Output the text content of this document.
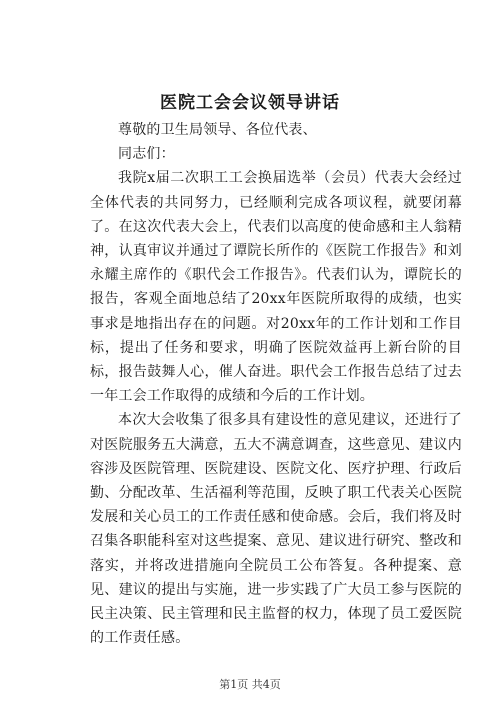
医院工会会议领导讲话

尊敬的卫生局领导、各位代表、

同志们：

我院x届二次职工工会换届选举（会员）代表大会经过全体代表的共同努力，已经顺利完成各项议程，就要闭幕了。在这次代表大会上，代表们以高度的使命感和主人翁精神，认真审议并通过了谭院长所作的《医院工作报告》和刘永耀主席作的《职代会工作报告》。代表们认为，谭院长的报告，客观全面地总结了20xx年医院所取得的成绩，也实事求是地指出存在的问题。对20xx年的工作计划和工作目标，提出了任务和要求，明确了医院效益再上新台阶的目标，报告鼓舞人心，催人奋进。职代会工作报告总结了过去一年工会工作取得的成绩和今后的工作计划。

本次大会收集了很多具有建设性的意见建议，还进行了对医院服务五大满意，五大不满意调查，这些意见、建议内容涉及医院管理、医院建设、医院文化、医疗护理、行政后勤、分配改革、生活福利等范围，反映了职工代表关心医院发展和关心员工的工作责任感和使命感。会后，我们将及时召集各职能科室对这些提案、意见、建议进行研究、整改和落实，并将改进措施向全院员工公布答复。各种提案、意见、建议的提出与实施，进一步实践了广大员工参与医院的民主决策、民主管理和民主监督的权力，体现了员工爱医院的工作责任感。

第1页 共4页
